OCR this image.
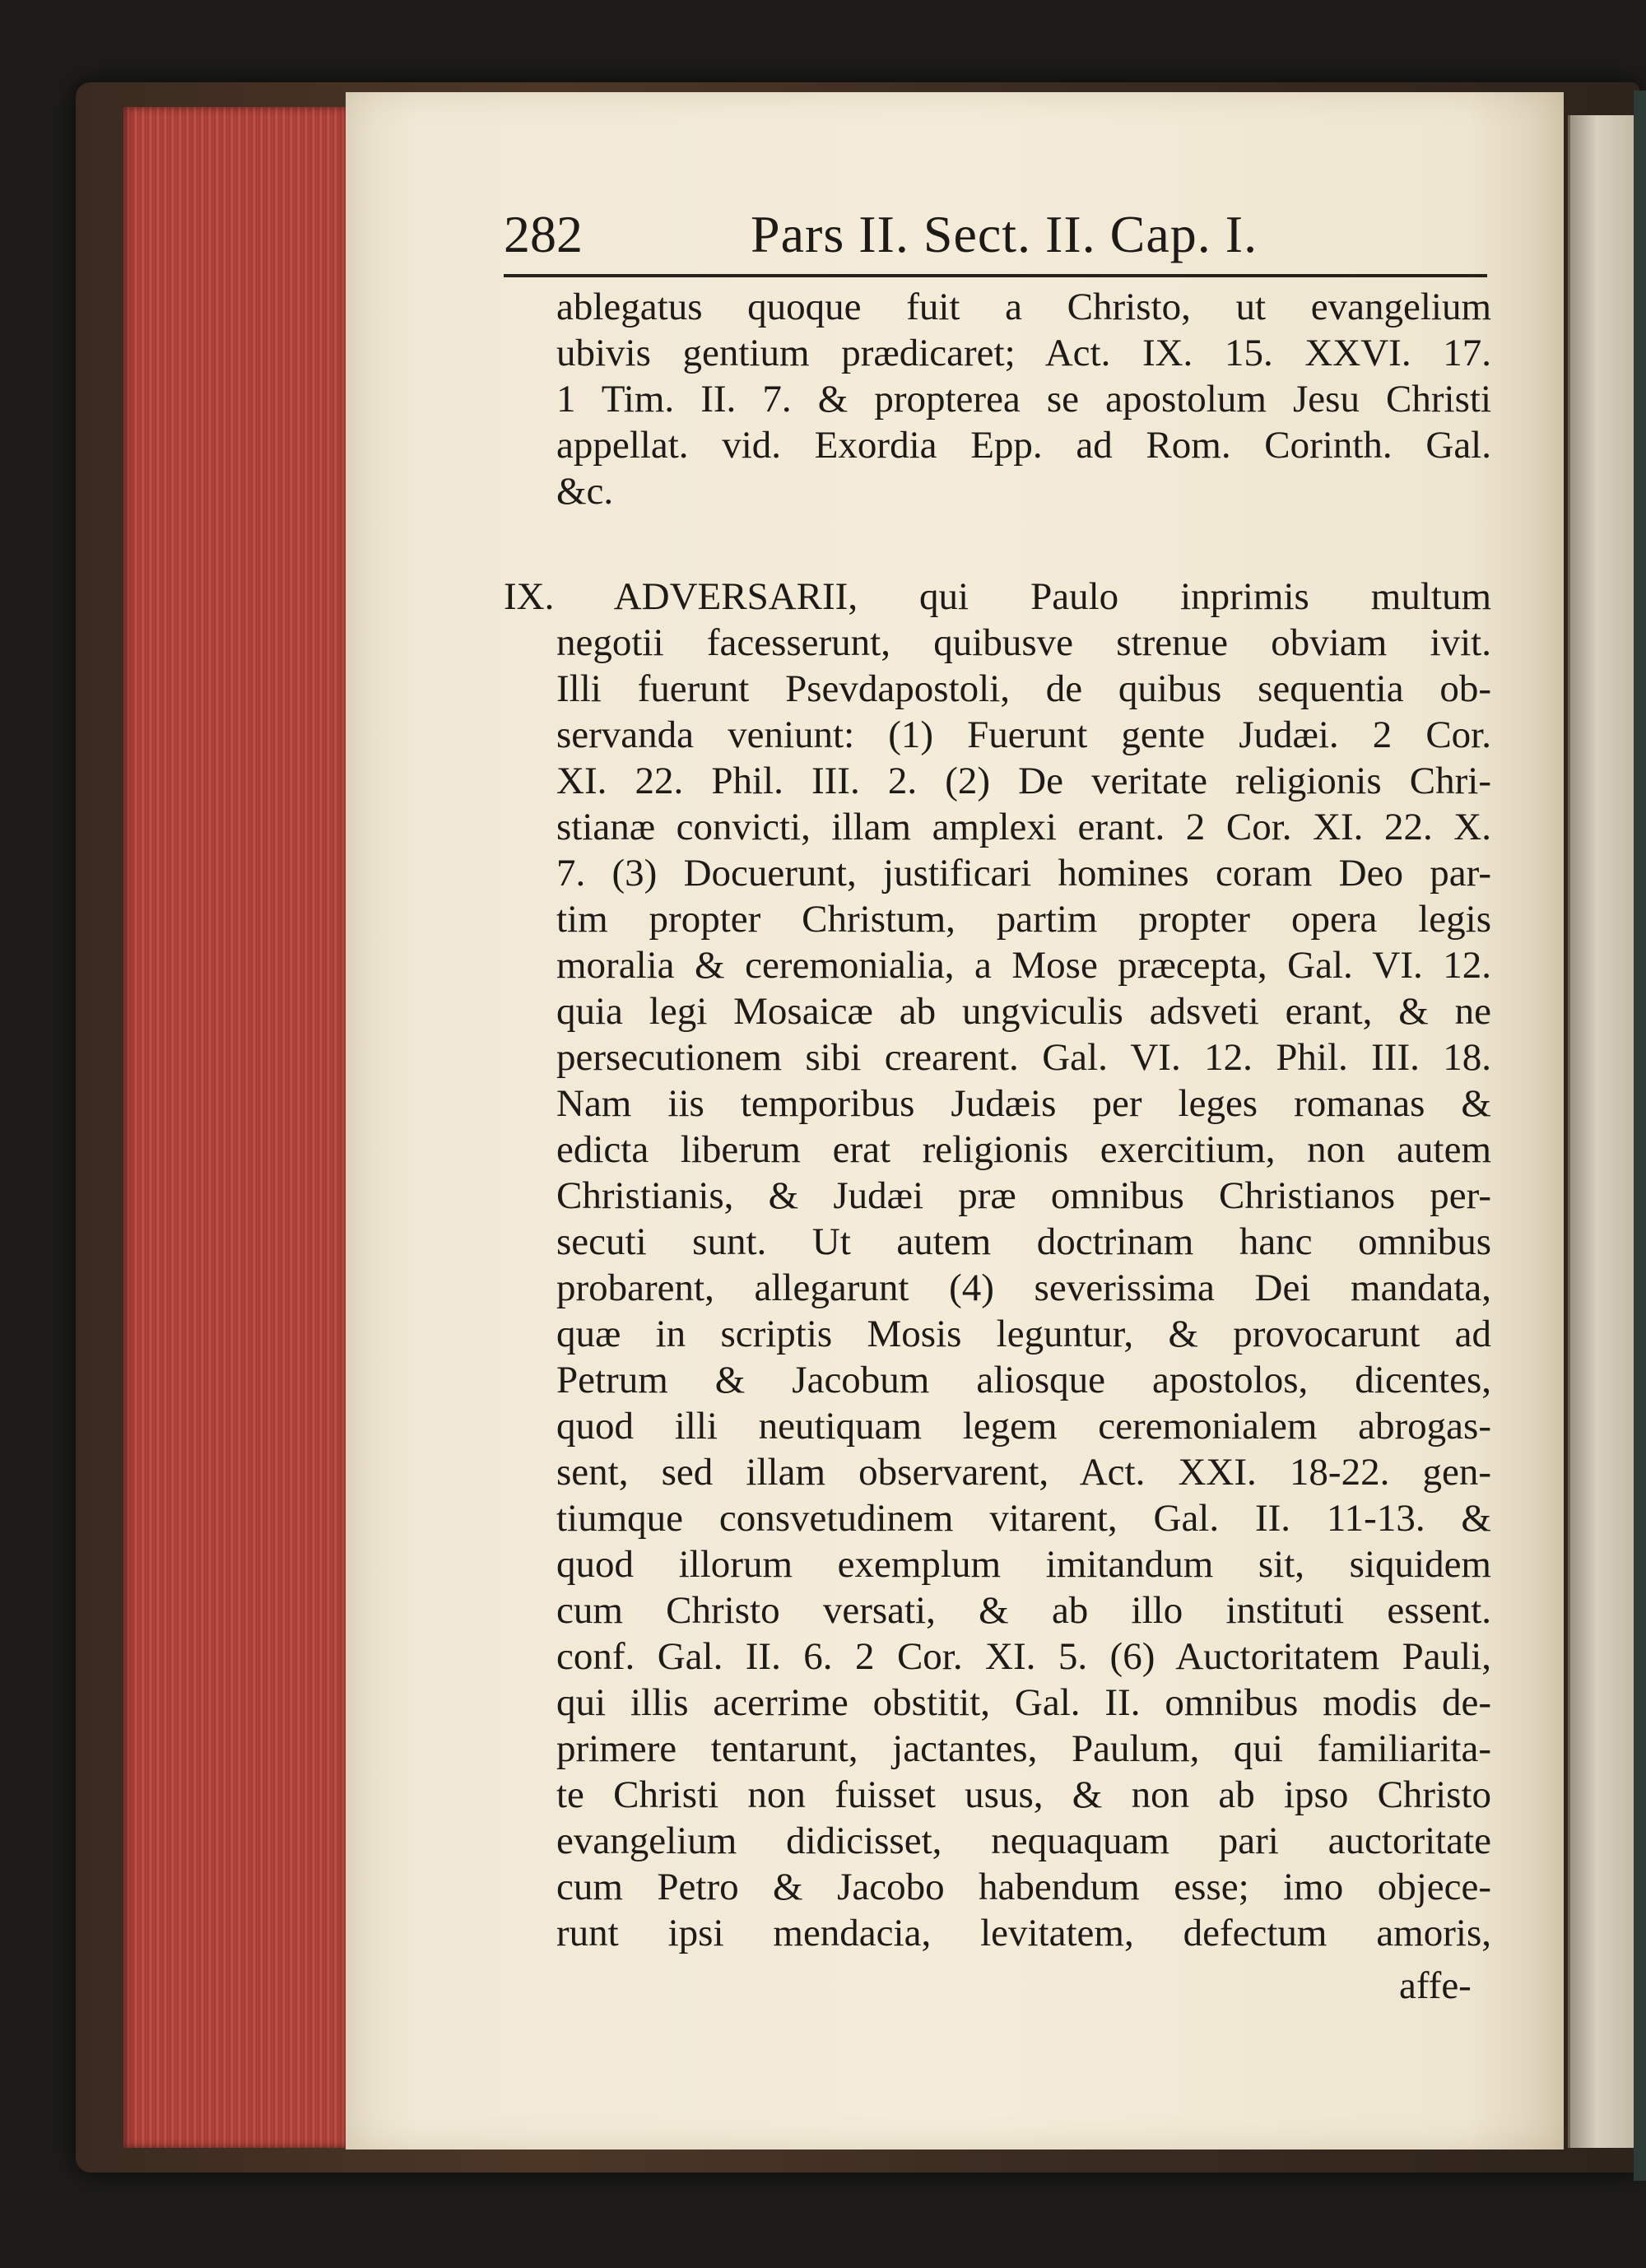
282	Pars II. Sect. II. Cap. I.
ablegatus quoque fuit a Christo, ut evangelium
ubivis gentium prædicaret; Act. IX. 15. XXVI. 17.
1 Tim. II. 7. & propterea se apostolum Jesu Christi
appellat. vid. Exordia Epp. ad Rom. Corinth. Gal.
&c.
IX. ADVERSARII, qui Paulo inprimis multum
negotii facesserunt, quibusve strenue obviam ivit.
Illi fuerunt Psevdapostoli, de quibus sequentia ob-
servanda veniunt: (1) Fuerunt gente Judæi. 2 Cor.
XI. 22. Phil. III. 2. (2) De veritate religionis Chri-
stianæ convicti, illam amplexi erant. 2 Cor. XI. 22. X.
7. (3) Docuerunt, justificari homines coram Deo par-
tim propter Christum, partim propter opera legis
moralia & ceremonialia, a Mose præcepta, Gal. VI. 12.
quia legi Mosaicæ ab ungviculis adsveti erant, & ne
persecutionem sibi crearent. Gal. VI. 12. Phil. III. 18.
Nam iis temporibus Judæis per leges romanas &
edicta liberum erat religionis exercitium, non autem
Christianis, & Judæi præ omnibus Christianos per-
secuti sunt. Ut autem doctrinam hanc omnibus
probarent, allegarunt (4) severissima Dei mandata,
quæ in scriptis Mosis leguntur, & provocarunt ad
Petrum & Jacobum aliosque apostolos, dicentes,
quod illi neutiquam legem ceremonialem abrogas-
sent, sed illam observarent, Act. XXI. 18-22. gen-
tiumque consvetudinem vitarent, Gal. II. 11-13. &
quod illorum exemplum imitandum sit, siquidem
cum Christo versati, & ab illo instituti essent.
conf. Gal. II. 6. 2 Cor. XI. 5. (6) Auctoritatem Pauli,
qui illis acerrime obstitit, Gal. II. omnibus modis de-
primere tentarunt, jactantes, Paulum, qui familiarita-
te Christi non fuisset usus, & non ab ipso Christo
evangelium didicisset, nequaquam pari auctoritate
cum Petro & Jacobo habendum esse; imo objece-
runt ipsi mendacia, levitatem, defectum amoris,
affe-
